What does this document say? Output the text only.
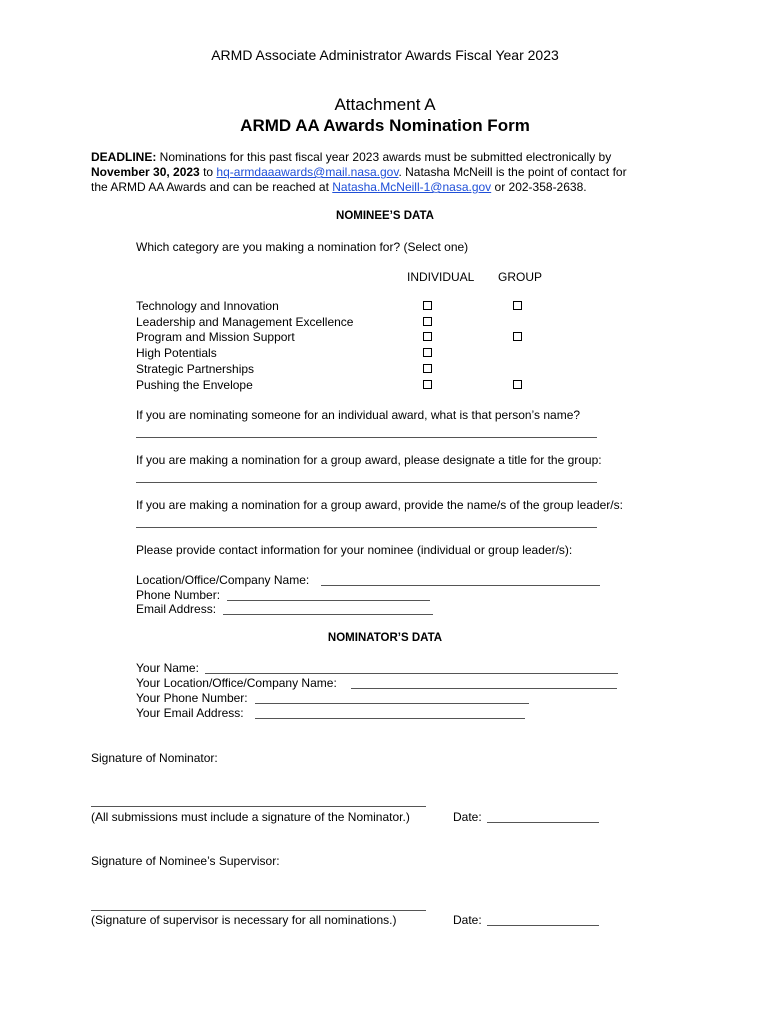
ARMD Associate Administrator Awards Fiscal Year 2023
Attachment A
ARMD AA Awards Nomination Form
DEADLINE: Nominations for this past fiscal year 2023 awards must be submitted electronically by
November 30, 2023 to hq-armdaaawards@mail.nasa.gov. Natasha McNeill is the point of contact for
the ARMD AA Awards and can be reached at Natasha.McNeill-1@nasa.gov or 202-358-2638.
NOMINEE’S DATA
Which category are you making a nomination for? (Select one)
INDIVIDUAL GROUP
Technology and Innovation
Leadership and Management Excellence
Program and Mission Support
High Potentials
Strategic Partnerships
Pushing the Envelope
If you are nominating someone for an individual award, what is that person’s name?
If you are making a nomination for a group award, please designate a title for the group:
If you are making a nomination for a group award, provide the name/s of the group leader/s:
Please provide contact information for your nominee (individual or group leader/s):
Location/Office/Company Name:
Phone Number:
Email Address:
NOMINATOR’S DATA
Your Name:
Your Location/Office/Company Name:
Your Phone Number:
Your Email Address:
Signature of Nominator:
(All submissions must include a signature of the Nominator.)	Date:
Signature of Nominee’s Supervisor:
(Signature of supervisor is necessary for all nominations.)	Date:
